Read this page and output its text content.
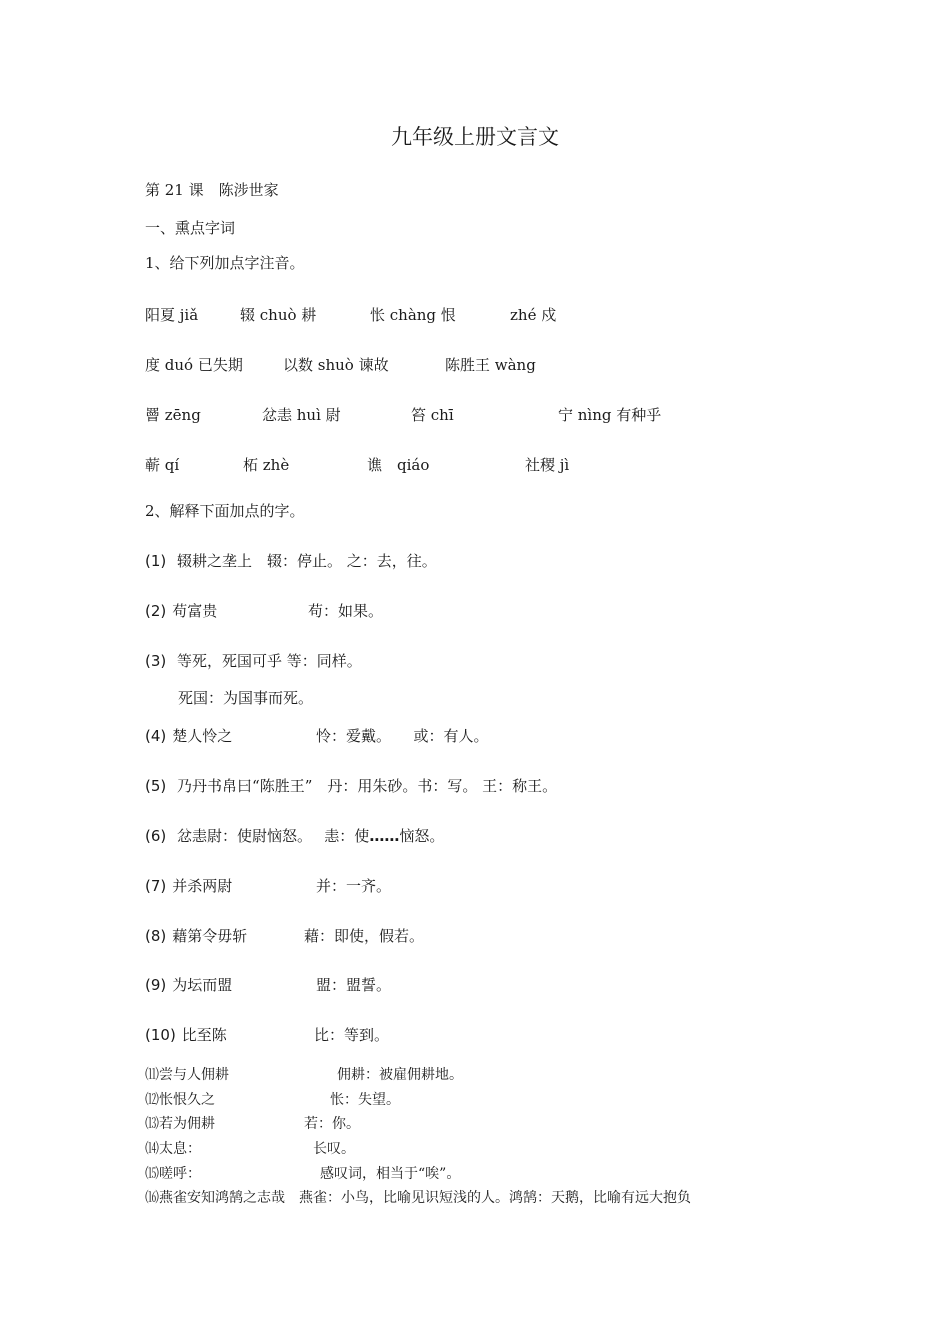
九年级上册文言文
第 21 课　陈涉世家
一、熏点字词
1、给下列加点字注音。
阳夏 jiǎ	辍 chuò 耕	怅 chàng 恨	zhé 戍
度 duó 已失期	以数 shuò 谏故	陈胜王 wàng
罾 zēng	忿恚 huì 尉	笞 chī	宁 nìng 有种乎
蕲 qí	柘 zhè	谯　qiáo	社稷 jì
2、解释下面加点的字。
(1) 辍耕之垄上　辍：停止。 之：去，往。
(2) 苟富贵	苟：如果。
(3) 等死，死国可乎 等：同样。
死国：为国事而死。
(4) 楚人怜之	怜：爱戴。　　或：有人。
(5) 乃丹书帛曰“陈胜王”　丹：用朱砂。书：写。 王：称王。
(6) 忿恚尉：使尉恼怒。　 恚：使……恼怒。
(7) 并杀两尉	并：一齐。
(8) 藉第令毋斩	藉：即使，假若。
(9) 为坛而盟	盟：盟誓。
(10) 比至陈	比：等到。
⑾尝与人佣耕	佣耕：被雇佣耕地。
⑿怅恨久之	怅：失望。
⒀若为佣耕	若：你。
⒁太息：	长叹。
⒂嗟呼：	感叹词，相当于“唉”。
⒃燕雀安知鸿鹄之志哉　燕雀：小鸟，比喻见识短浅的人。鸿鹄：天鹅，比喻有远大抱负
